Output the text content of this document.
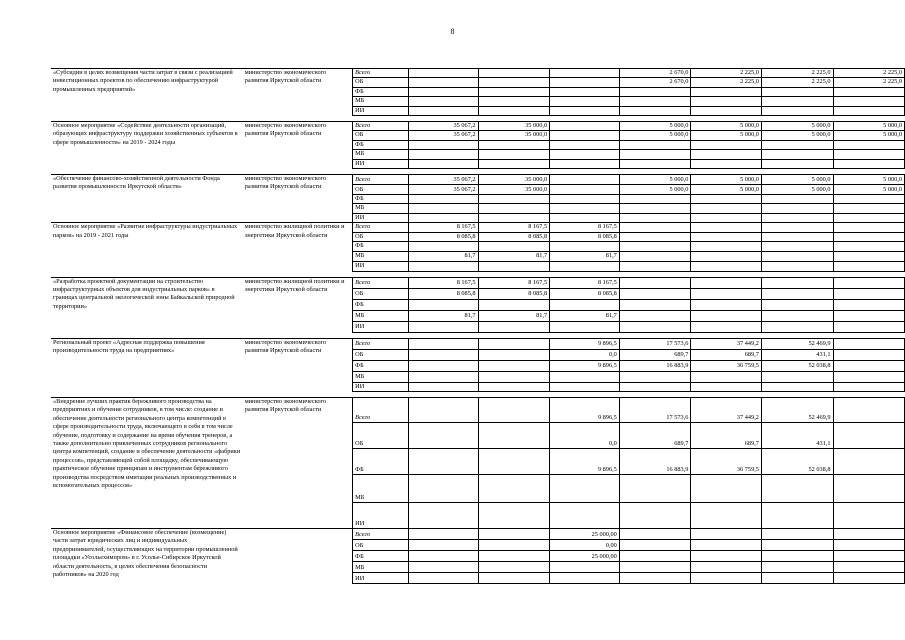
8
«Субсидии в целях возмещения части затрат в связи с реализацией инвестиционных проектов по обеспечению инфраструктурой промышленных предприятий»	министерство экономического развития Иркутской области	Всего				2 670,0	2 225,0	2 225,0	2 225,0
		ОБ				2 670,0	2 225,0	2 225,0	2 225,0
		ФБ							
		МБ							
		ИИ							

Основное мероприятие «Содействие деятельности организаций, образующих инфраструктуру поддержки хозяйственных субъектов в сфере промышленности» на 2019 - 2024 годы	министерство экономического развития Иркутской области	Всего	35 067,2	35 000,0		5 000,0	5 000,0	5 000,0	5 000,0
		ОБ	35 067,2	35 000,0		5 000,0	5 000,0	5 000,0	5 000,0
		ФБ							
		МБ							
		ИИ							

«Обеспечение финансово-хозяйственной деятельности Фонда развития промышленности Иркутской области»	министерство экономического развития Иркутской области	Всего	35 067,2	35 000,0		5 000,0	5 000,0	5 000,0	5 000,0
		ОБ	35 067,2	35 000,0		5 000,0	5 000,0	5 000,0	5 000,0
		ФБ							
		МБ							
		ИИ							
Основное мероприятие «Развитие инфраструктуры индустриальных парков» на 2019 - 2021 годы	министерство жилищной политики и энергетики Иркутской области	Всего	8 167,5	8 167,5	8 167,5				
		ОБ	8 085,8	8 085,8	8 085,8				
		ФБ							
		МБ	81,7	81,7	81,7				
		ИИ							

«Разработка проектной документации на строительство инфраструктурных объектов для индустриальных парков» в границах центральной экологической зоны Байкальской природной территории»	министерство жилищной политики и энергетики Иркутской области	Всего	8 167,5	8 167,5	8 167,5				
		ОБ	8 085,8	8 085,8	8 085,8				
		ФБ							
		МБ	81,7	81,7	81,7				
		ИИ							

Региональный проект «Адресная поддержка повышения производительности труда на предприятиях»	министерство экономического развития Иркутской области	Всего			9 896,5	17 573,6	37 449,2	52 469,9	
		ОБ			0,0	689,7	689,7	431,1	
		ФБ			9 896,5	16 883,9	36 759,5	52 038,8	
		МБ							
		ИИ							

«Внедрение лучших практик бережливого производства на предприятиях и обучение сотрудников, в том числе: создание и обеспечение деятельности регионального центра компетенций в сфере производительности труда, включающего в себя в том числе обучение, подготовку и содержание на время обучения тренеров, а также дополнительно привлеченных сотрудников регионального центра компетенций, создание и обеспечение деятельности «фабрики процессов», представляющей собой площадку, обеспечивающую практическое обучение принципам и инструментам бережливого производства посредством имитации реальных производственных и вспомогательных процессов»	министерство экономического развития Иркутской области	Всего			9 896,5	17 573,6	37 449,2	52 469,9	
		ОБ			0,0	689,7	689,7	431,1	
		ФБ			9 896,5	16 883,9	36 759,5	52 038,8	
		МБ							
		ИИ							
Основное мероприятие «Финансовое обеспечение (возмещение) части затрат юридических лиц и индивидуальных предпринимателей, осуществляющих на территории промышленной площадки «Усольехимпром» в г. Усолье-Сибирское Иркутской области деятельность, в целях обеспечения безопасности работников» на 2020 год		Всего			25 000,00				
		ОБ			0,00				
		ФБ			25 000,00				
		МБ							
		ИИ							
